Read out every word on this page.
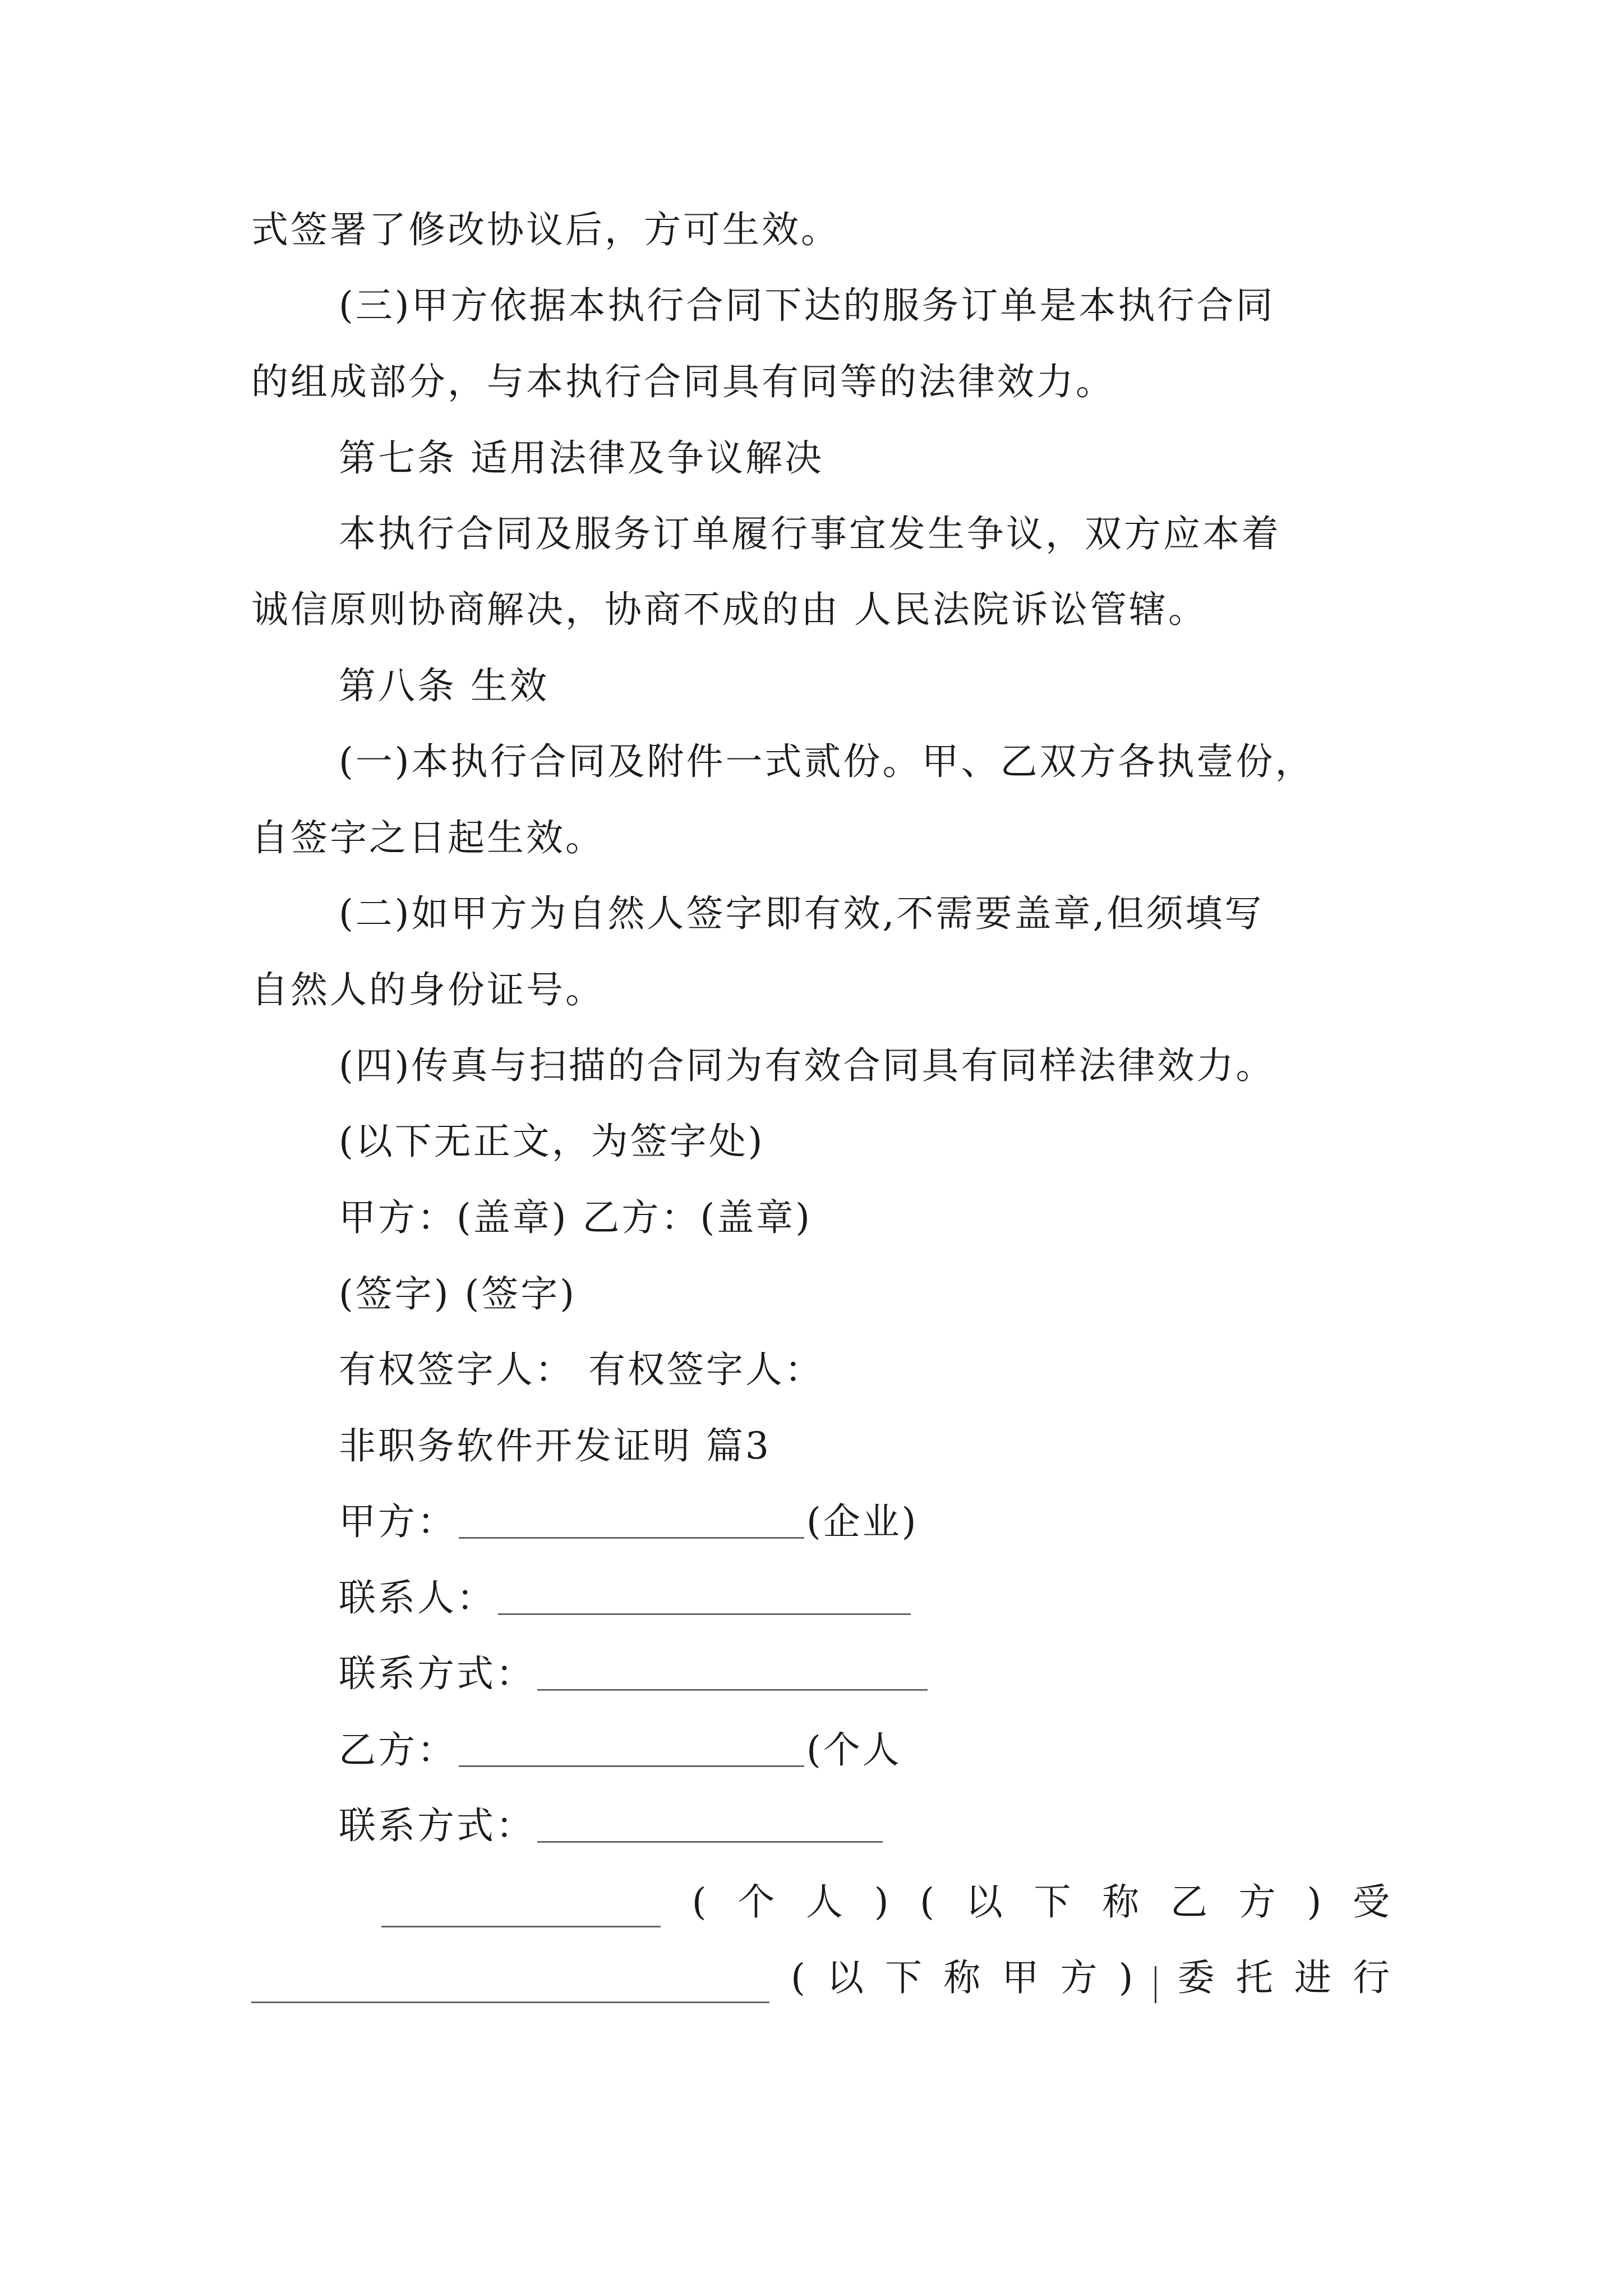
式签署了修改协议后，方可生效。
(三)甲方依据本执行合同下达的服务订单是本执行合同
的组成部分，与本执行合同具有同等的法律效力。
第七条 适用法律及争议解决
本执行合同及服务订单履行事宜发生争议，双方应本着
诚信原则协商解决，协商不成的由 人民法院诉讼管辖。
第八条 生效
(一)本执行合同及附件一式贰份。甲、乙双方各执壹份，
自签字之日起生效。
(二)如甲方为自然人签字即有效,不需要盖章,但须填写
自然人的身份证号。
(四)传真与扫描的合同为有效合同具有同样法律效力。
(以下无正文，为签字处)
甲方：(盖章) 乙方：(盖章)
(签字) (签字)
有权签字人： 有权签字人：
非职务软件开发证明 篇3
甲方：	(企业)
联系人：
联系方式：
乙方：	(个人
联系方式：
( 个 人 ) ( 以 下 称 乙 方 ) 受
( 以 下 称 甲 方 ) 委 托 进 行
